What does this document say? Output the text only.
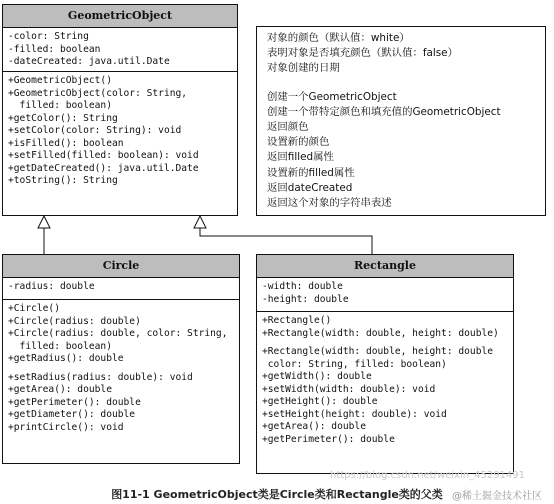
GeometricObject
-color: String
-filled: boolean
-dateCreated: java.util.Date
+GeometricObject()
+GeometricObject(color: String,
filled: boolean)
+getColor(): String
+setColor(color: String): void
+isFilled(): boolean
+setFilled(filled: boolean): void
+getDateCreated(): java.util.Date
+toString(): String
对象的颜色（默认值：white）
表明对象是否填充颜色（默认值：false）
对象创建的日期
创建一个GeometricObject
创建一个带特定颜色和填充值的GeometricObject
返回颜色
设置新的颜色
返回filled属性
设置新的filled属性
返回dateCreated
返回这个对象的字符串表述
Circle
-radius: double
+Circle()
+Circle(radius: double)
+Circle(radius: double, color: String,
filled: boolean)
+getRadius(): double

+setRadius(radius: double): void
+getArea(): double
+getPerimeter(): double
+getDiameter(): double
+printCircle(): void
Rectangle
-width: double
-height: double
+Rectangle()
+Rectangle(width: double, height: double)

+Rectangle(width: double, height: double
color: String, filled: boolean)
+getWidth(): double
+setWidth(width: double): void
+getHeight(): double
+setHeight(height: double): void
+getArea(): double
+getPerimeter(): double
https://blog.csdn.net/weixin_45291491
图11-1 GeometricObject类是Circle类和Rectangle类的父类 @稀土掘金技术社区
